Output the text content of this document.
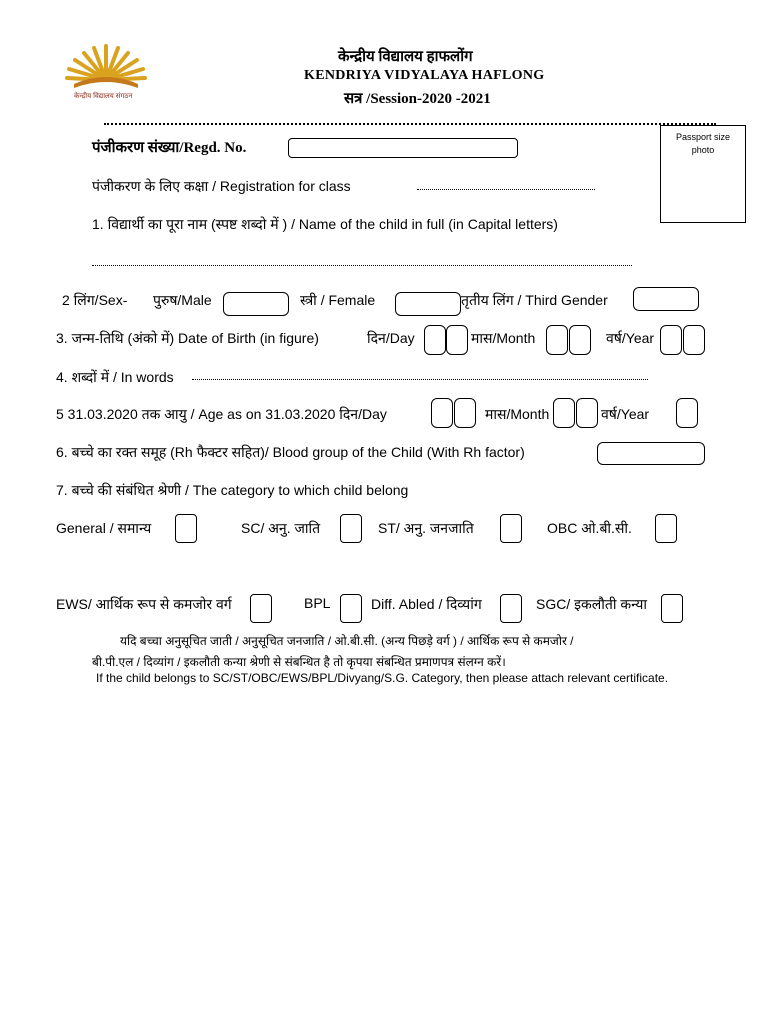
केन्द्रीय विद्यालय संगठन
केन्द्रीय विद्यालय हाफलोंग
KENDRIYA VIDYALAYA HAFLONG
सत्र /Session-2020 -2021
Passport size photo
पंजीकरण संख्या/Regd. No.
पंजीकरण के लिए कक्षा / Registration for class
1. विद्यार्थी का पूरा नाम (स्पष्ट शब्दो में ) / Name of the child in full (in Capital letters)
2 लिंग/Sex- पुरुष/Male	स्त्री / Female	तृतीय लिंग / Third Gender
3. जन्म-तिथि (अंको में) Date of Birth (in figure)	दिन/Day	मास/Month	वर्ष/Year
4. शब्दों में / In words
5 31.03.2020 तक आयु / Age as on 31.03.2020 दिन/Day	मास/Month	वर्ष/Year
6. बच्चे का रक्त समूह (Rh फैक्टर सहित)/ Blood group of the Child (With Rh factor)
7. बच्चे की संबंधित श्रेणी / The category to which child belong
General / समान्य	SC/ अनु. जाति	ST/ अनु. जनजाति	OBC ओ.बी.सी.
EWS/ आर्थिक रूप से कमजोर वर्ग	BPL	Diff. Abled / दिव्यांग	SGC/ इकलौती कन्या
यदि बच्चा अनुसूचित जाती / अनुसूचित जनजाति / ओ.बी.सी. (अन्य पिछड़े वर्ग ) / आर्थिक रूप से कमजोर /
बी.पी.एल / दिव्यांग / इकलौती कन्या श्रेणी से संबन्धित है तो कृपया संबन्धित प्रमाणपत्र संलग्न करें।
If the child belongs to SC/ST/OBC/EWS/BPL/Divyang/S.G. Category, then please attach relevant certificate.
